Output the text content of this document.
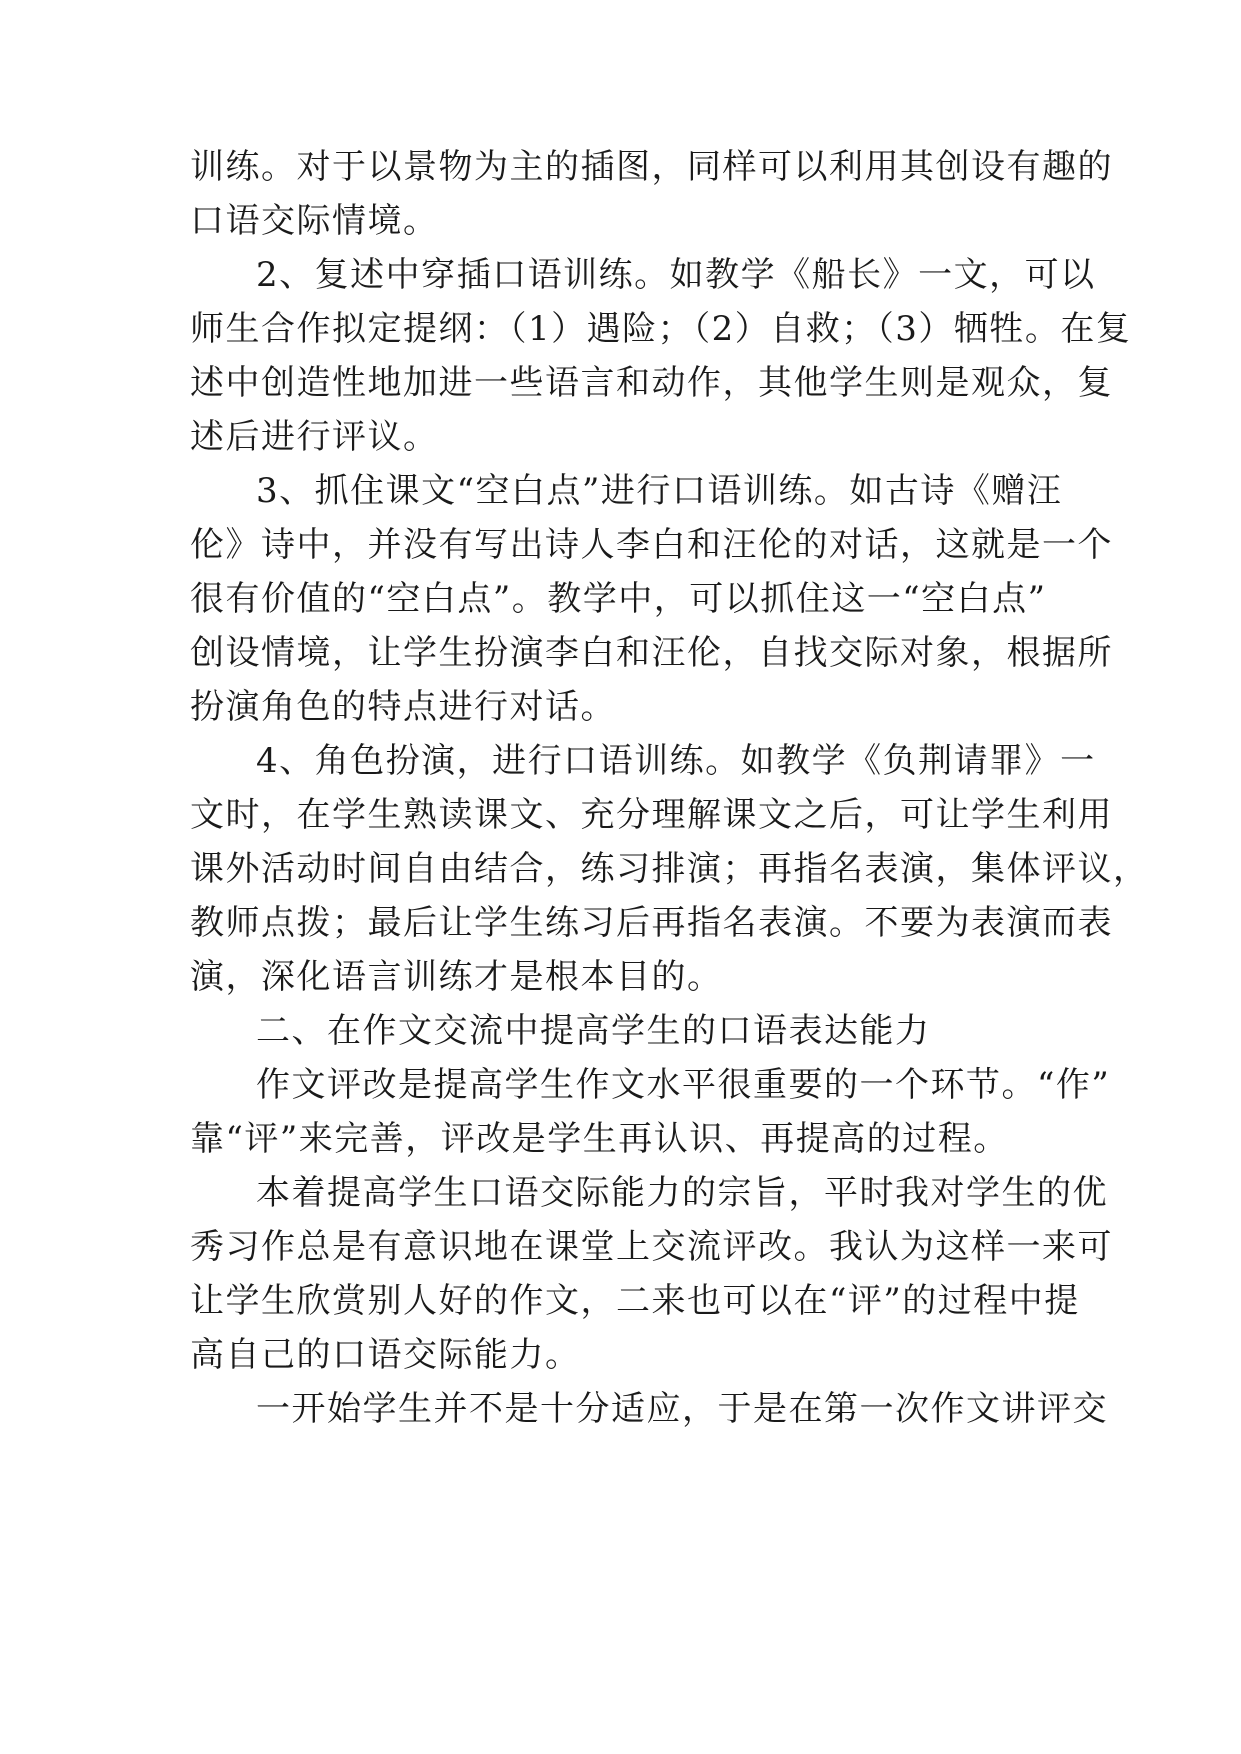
训练。对于以景物为主的插图，同样可以利用其创设有趣的
口语交际情境。
2、复述中穿插口语训练。如教学《船长》一文，可以
师生合作拟定提纲：（1）遇险；（2）自救；（3）牺牲。在复
述中创造性地加进一些语言和动作，其他学生则是观众，复
述后进行评议。
3、抓住课文“空白点”进行口语训练。如古诗《赠汪
伦》诗中，并没有写出诗人李白和汪伦的对话，这就是一个
很有价值的“空白点”。教学中，可以抓住这一“空白点”
创设情境，让学生扮演李白和汪伦，自找交际对象，根据所
扮演角色的特点进行对话。
4、角色扮演，进行口语训练。如教学《负荆请罪》一
文时，在学生熟读课文、充分理解课文之后，可让学生利用
课外活动时间自由结合，练习排演；再指名表演，集体评议，
教师点拨；最后让学生练习后再指名表演。不要为表演而表
演，深化语言训练才是根本目的。
二、在作文交流中提高学生的口语表达能力
作文评改是提高学生作文水平很重要的一个环节。“作”
靠“评”来完善，评改是学生再认识、再提高的过程。
本着提高学生口语交际能力的宗旨，平时我对学生的优
秀习作总是有意识地在课堂上交流评改。我认为这样一来可
让学生欣赏别人好的作文，二来也可以在“评”的过程中提
高自己的口语交际能力。
一开始学生并不是十分适应，于是在第一次作文讲评交
